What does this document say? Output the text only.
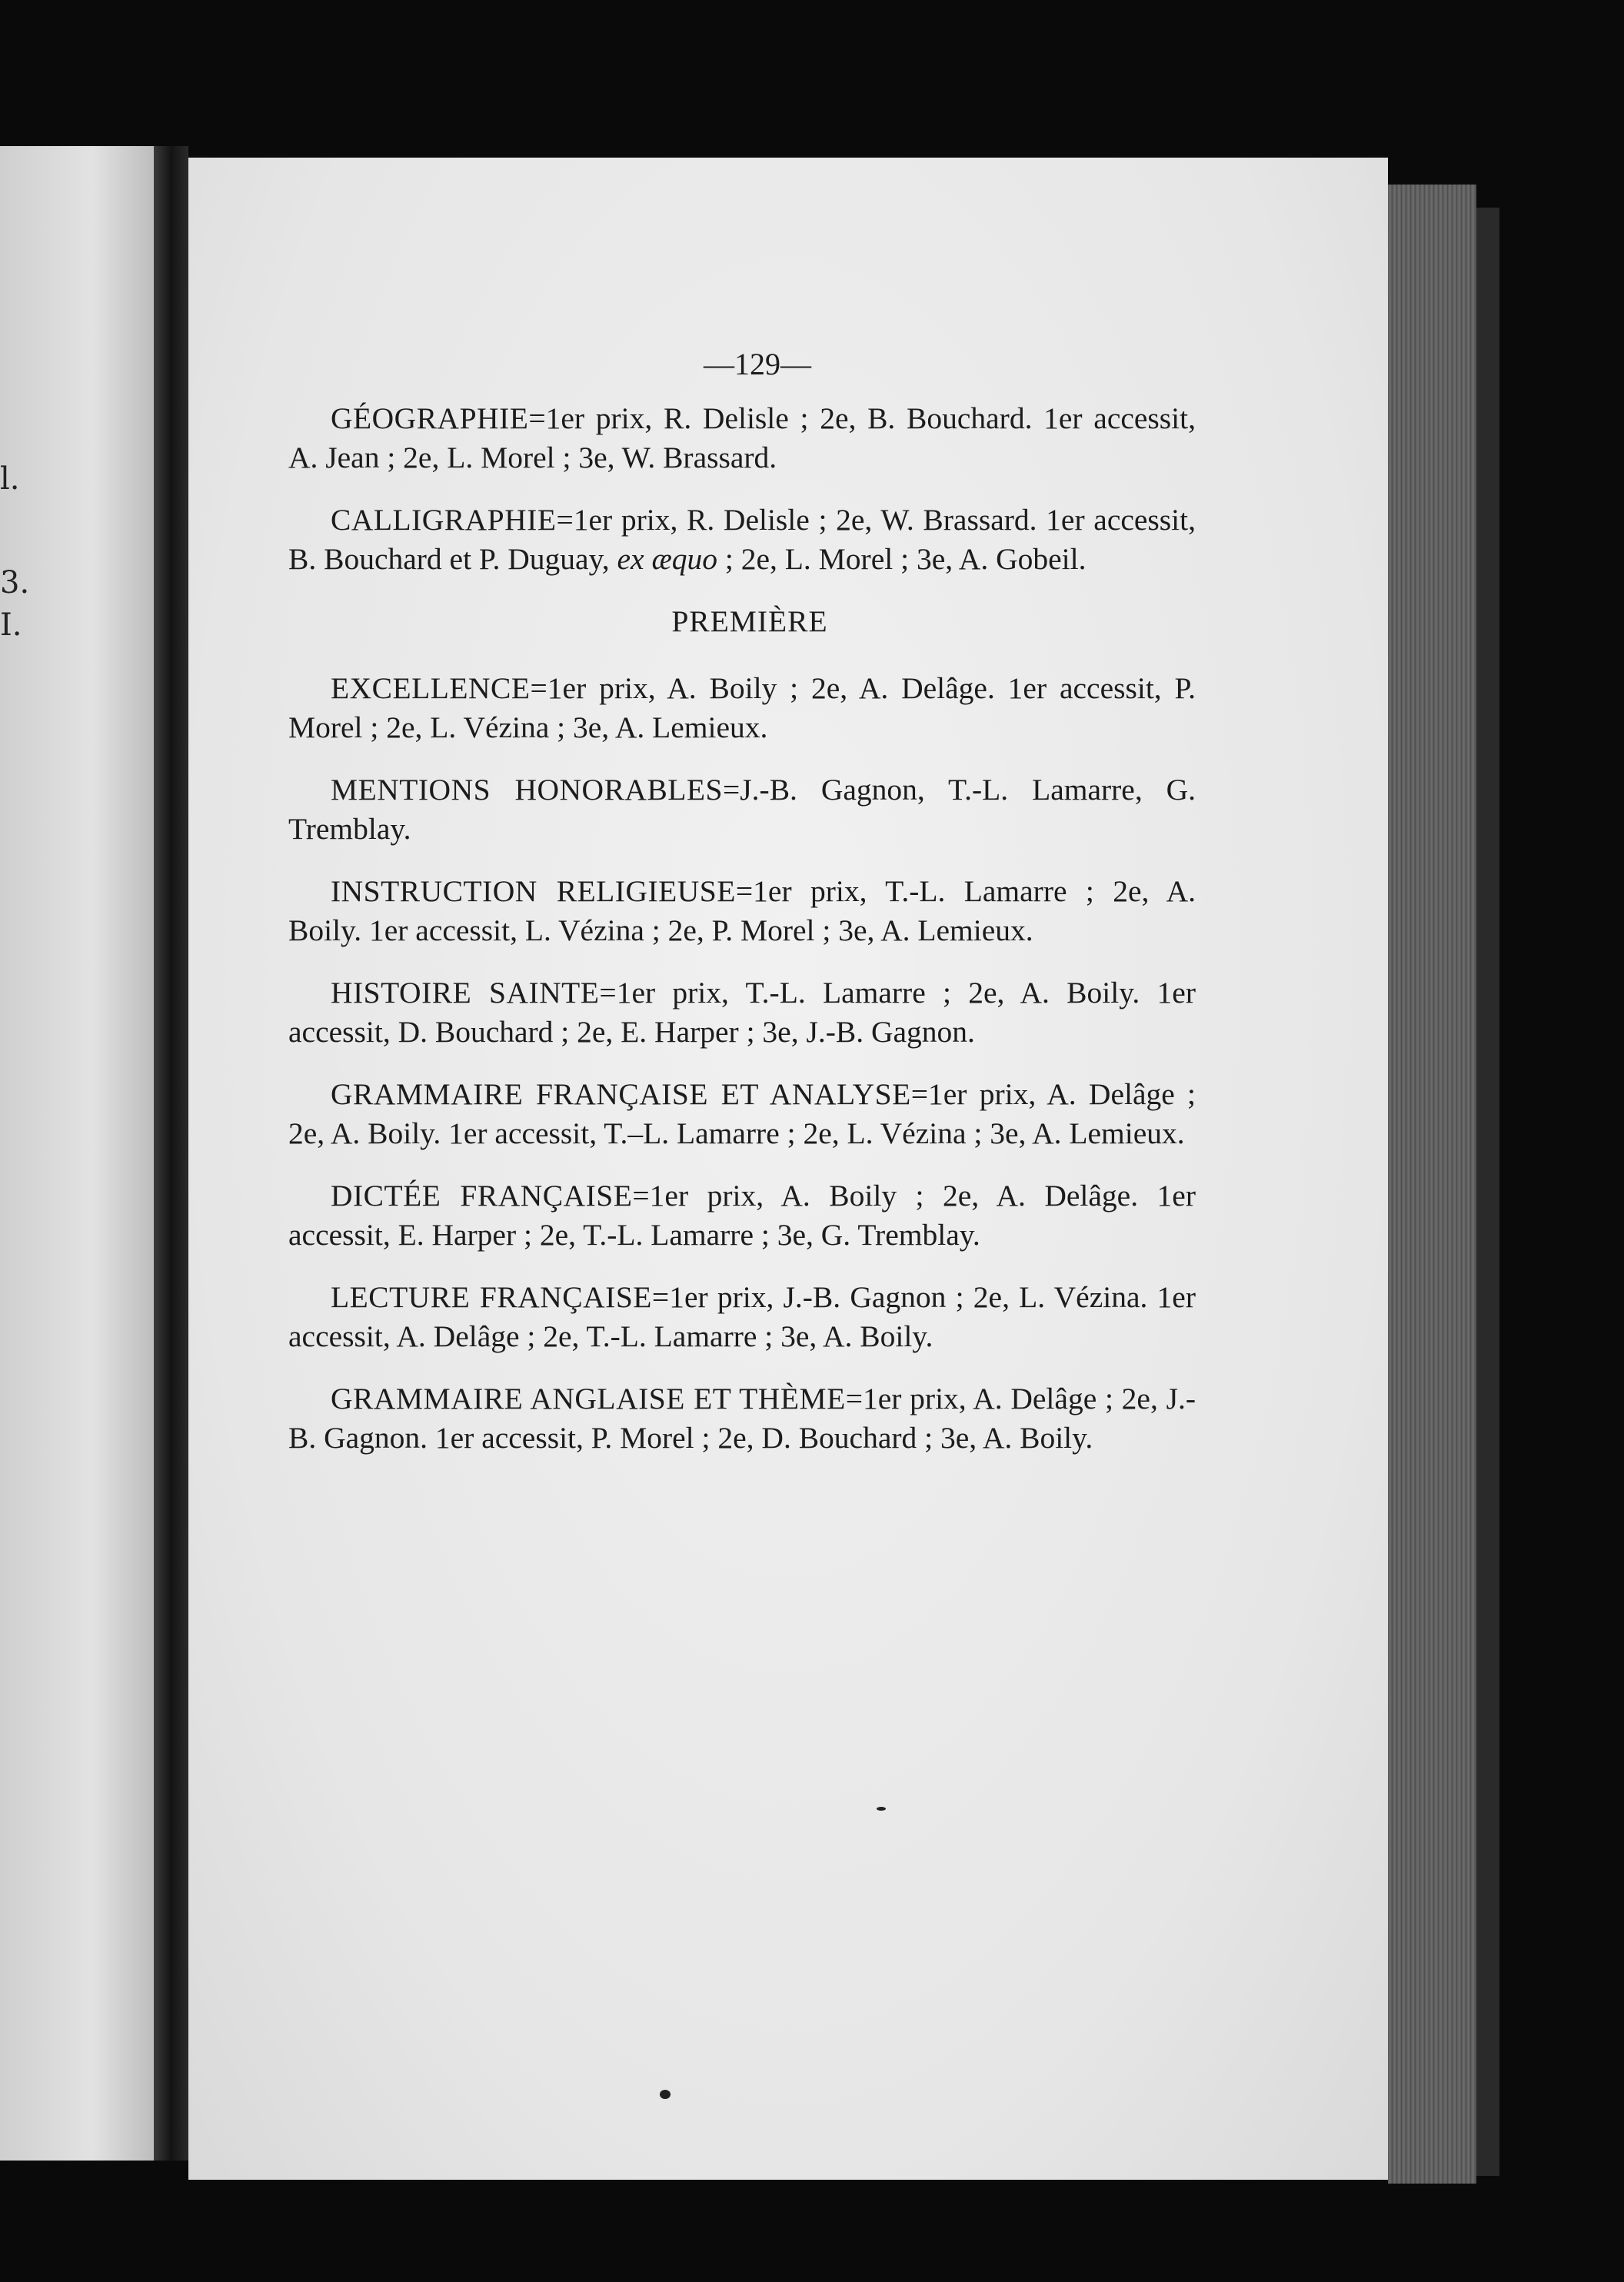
l.
3.
I.
—129—

GÉOGRAPHIE=1er prix, R. Delisle ; 2e, B. Bouchard. 1er accessit, A. Jean ; 2e, L. Morel ; 3e, W. Brassard.

CALLIGRAPHIE=1er prix, R. Delisle ; 2e, W. Brassard. 1er accessit, B. Bouchard et P. Duguay, ex æquo ; 2e, L. Morel ; 3e, A. Gobeil.

PREMIÈRE

EXCELLENCE=1er prix, A. Boily ; 2e, A. Delâge. 1er accessit, P. Morel ; 2e, L. Vézina ; 3e, A. Lemieux.

MENTIONS HONORABLES=J.-B. Gagnon, T.-L. Lamarre, G. Tremblay.

INSTRUCTION RELIGIEUSE=1er prix, T.-L. Lamarre ; 2e, A. Boily. 1er accessit, L. Vézina ; 2e, P. Morel ; 3e, A. Lemieux.

HISTOIRE SAINTE=1er prix, T.-L. Lamarre ; 2e, A. Boily. 1er accessit, D. Bouchard ; 2e, E. Harper ; 3e, J.-B. Gagnon.

GRAMMAIRE FRANÇAISE ET ANALYSE=1er prix, A. Delâge ; 2e, A. Boily. 1er accessit, T.–L. Lamarre ; 2e, L. Vézina ; 3e, A. Lemieux.

DICTÉE FRANÇAISE=1er prix, A. Boily ; 2e, A. Delâge. 1er accessit, E. Harper ; 2e, T.-L. Lamarre ; 3e, G. Tremblay.

LECTURE FRANÇAISE=1er prix, J.-B. Gagnon ; 2e, L. Vézina. 1er accessit, A. Delâge ; 2e, T.-L. Lamarre ; 3e, A. Boily.

GRAMMAIRE ANGLAISE ET THÈME=1er prix, A. Delâge ; 2e, J.-B. Gagnon. 1er accessit, P. Morel ; 2e, D. Bouchard ; 3e, A. Boily.
